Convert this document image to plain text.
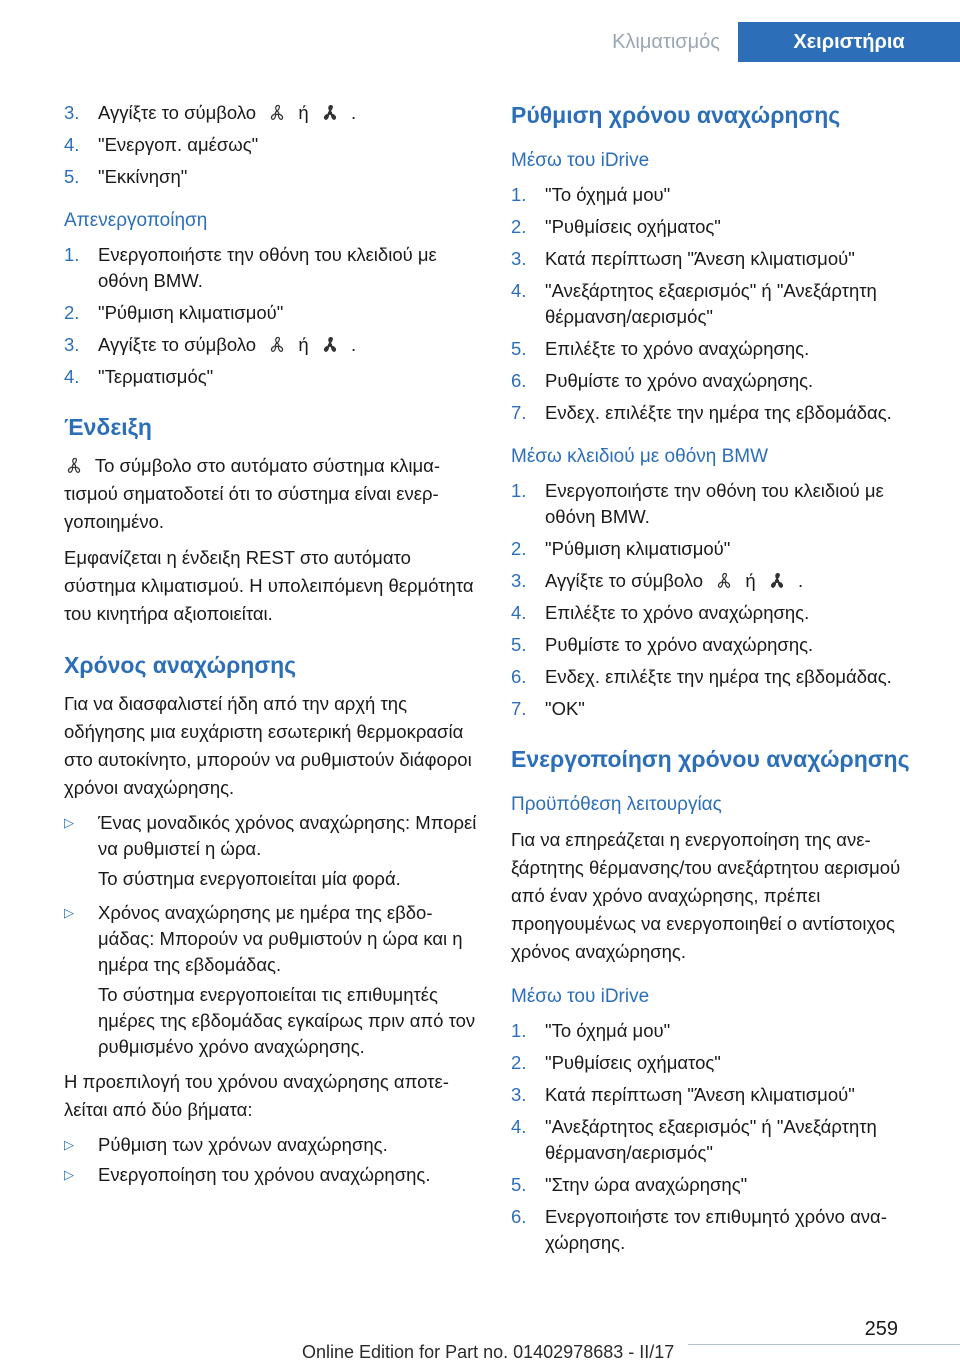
Κλιματισμός	Χειριστήρια
3.	Αγγίξτε το σύμβολο ή .
4.	"Ενεργοπ. αμέσως"
5.	"Εκκίνηση"
Απενεργοποίηση
1.	Ενεργοποιήστε την οθόνη του κλειδιού με οθόνη BMW.
2.	"Ρύθμιση κλιματισμού"
3.	Αγγίξτε το σύμβολο ή .
4.	"Τερματισμός"
Ένδειξη
Το σύμβολο στο αυτόματο σύστημα κλιματισμού σηματοδοτεί ότι το σύστημα είναι ενεργοποιημένο.
Εμφανίζεται η ένδειξη REST στο αυτόματο σύστημα κλιματισμού. Η υπολειπόμενη θερμότητα του κινητήρα αξιοποιείται.
Χρόνος αναχώρησης
Για να διασφαλιστεί ήδη από την αρχή της οδήγησης μια ευχάριστη εσωτερική θερμοκρασία στο αυτοκίνητο, μπορούν να ρυθμιστούν διάφοροι χρόνοι αναχώρησης.
▷	Ένας μοναδικός χρόνος αναχώρησης: Μπορεί να ρυθμιστεί η ώρα.
Το σύστημα ενεργοποιείται μία φορά.
▷	Χρόνος αναχώρησης με ημέρα της εβδομάδας: Μπορούν να ρυθμιστούν η ώρα και η ημέρα της εβδομάδας.
Το σύστημα ενεργοποιείται τις επιθυμητές ημέρες της εβδομάδας εγκαίρως πριν από τον ρυθμισμένο χρόνο αναχώρησης.
Η προεπιλογή του χρόνου αναχώρησης αποτελείται από δύο βήματα:
▷	Ρύθμιση των χρόνων αναχώρησης.
▷	Ενεργοποίηση του χρόνου αναχώρησης.
Ρύθμιση χρόνου αναχώρησης
Μέσω του iDrive
1.	"Το όχημά μου"
2.	"Ρυθμίσεις οχήματος"
3.	Κατά περίπτωση "Άνεση κλιματισμού"
4.	"Ανεξάρτητος εξαερισμός" ή "Ανεξάρτητη θέρμανση/αερισμός"
5.	Επιλέξτε το χρόνο αναχώρησης.
6.	Ρυθμίστε το χρόνο αναχώρησης.
7.	Ενδεχ. επιλέξτε την ημέρα της εβδομάδας.
Μέσω κλειδιού με οθόνη BMW
1.	Ενεργοποιήστε την οθόνη του κλειδιού με οθόνη BMW.
2.	"Ρύθμιση κλιματισμού"
3.	Αγγίξτε το σύμβολο ή .
4.	Επιλέξτε το χρόνο αναχώρησης.
5.	Ρυθμίστε το χρόνο αναχώρησης.
6.	Ενδεχ. επιλέξτε την ημέρα της εβδομάδας.
7.	"OK"
Ενεργοποίηση χρόνου αναχώρησης
Προϋπόθεση λειτουργίας
Για να επηρεάζεται η ενεργοποίηση της ανεξάρτητης θέρμανσης/του ανεξάρτητου αερισμού από έναν χρόνο αναχώρησης, πρέπει προηγουμένως να ενεργοποιηθεί ο αντίστοιχος χρόνος αναχώρησης.
Μέσω του iDrive
1.	"Το όχημά μου"
2.	"Ρυθμίσεις οχήματος"
3.	Κατά περίπτωση "Άνεση κλιματισμού"
4.	"Ανεξάρτητος εξαερισμός" ή "Ανεξάρτητη θέρμανση/αερισμός"
5.	"Στην ώρα αναχώρησης"
6.	Ενεργοποιήστε τον επιθυμητό χρόνο αναχώρησης.
259
Online Edition for Part no. 01402978683 - II/17
